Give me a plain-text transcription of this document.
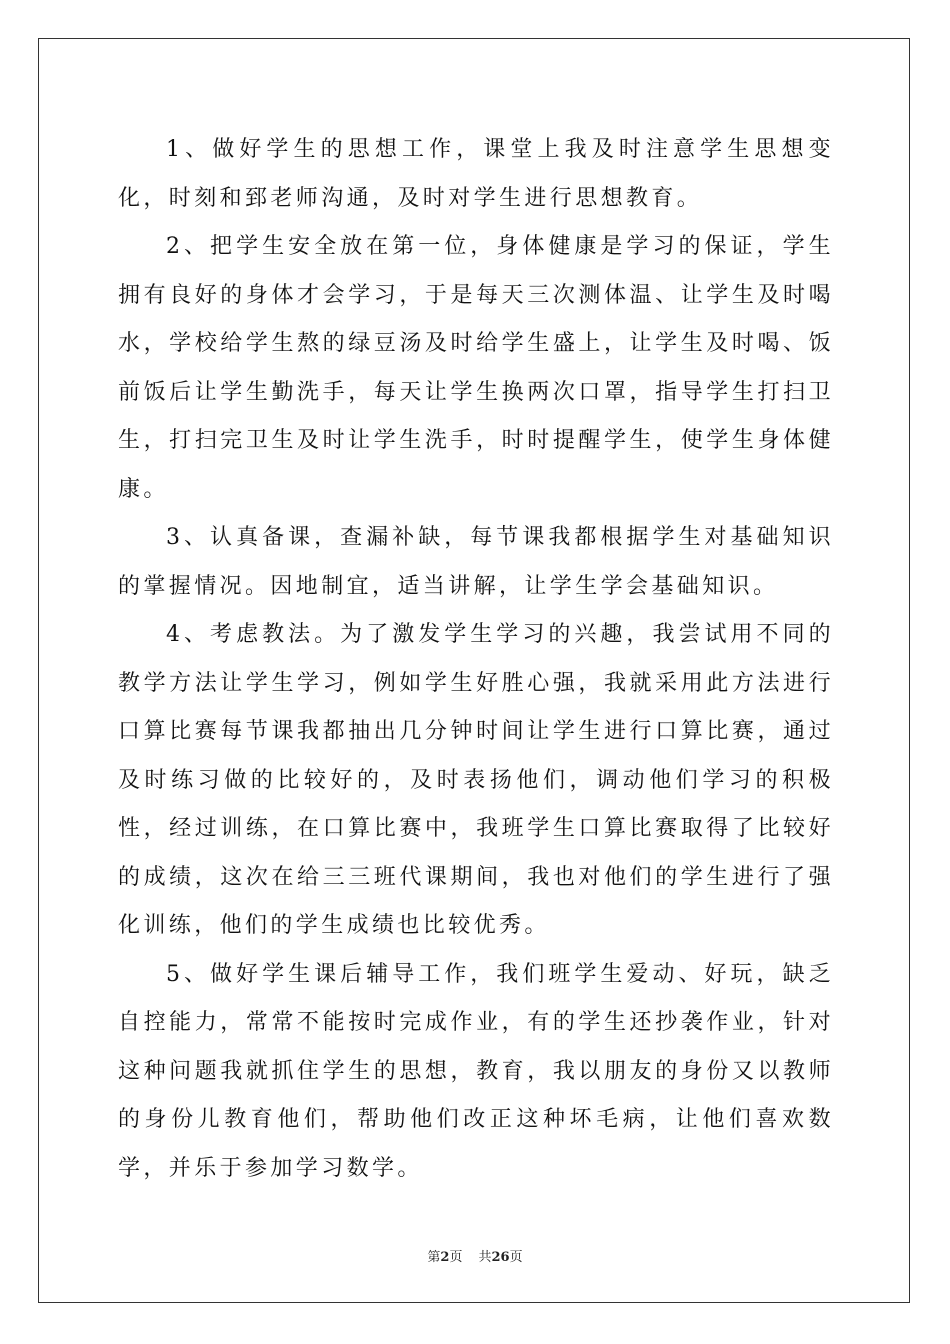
1、做好学生的思想工作，课堂上我及时注意学生思想变化，时刻和郅老师沟通，及时对学生进行思想教育。

2、把学生安全放在第一位，身体健康是学习的保证，学生拥有良好的身体才会学习，于是每天三次测体温、让学生及时喝水，学校给学生熬的绿豆汤及时给学生盛上，让学生及时喝、饭前饭后让学生勤洗手，每天让学生换两次口罩，指导学生打扫卫生，打扫完卫生及时让学生洗手，时时提醒学生，使学生身体健康。

3、认真备课，查漏补缺，每节课我都根据学生对基础知识的掌握情况。因地制宜，适当讲解，让学生学会基础知识。

4、考虑教法。为了激发学生学习的兴趣，我尝试用不同的教学方法让学生学习，例如学生好胜心强，我就采用此方法进行口算比赛每节课我都抽出几分钟时间让学生进行口算比赛，通过及时练习做的比较好的，及时表扬他们，调动他们学习的积极性，经过训练，在口算比赛中，我班学生口算比赛取得了比较好的成绩，这次在给三三班代课期间，我也对他们的学生进行了强化训练，他们的学生成绩也比较优秀。

5、做好学生课后辅导工作，我们班学生爱动、好玩，缺乏自控能力，常常不能按时完成作业，有的学生还抄袭作业，针对这种问题我就抓住学生的思想，教育，我以朋友的身份又以教师的身份儿教育他们，帮助他们改正这种坏毛病，让他们喜欢数学，并乐于参加学习数学。

第2页 共26页
